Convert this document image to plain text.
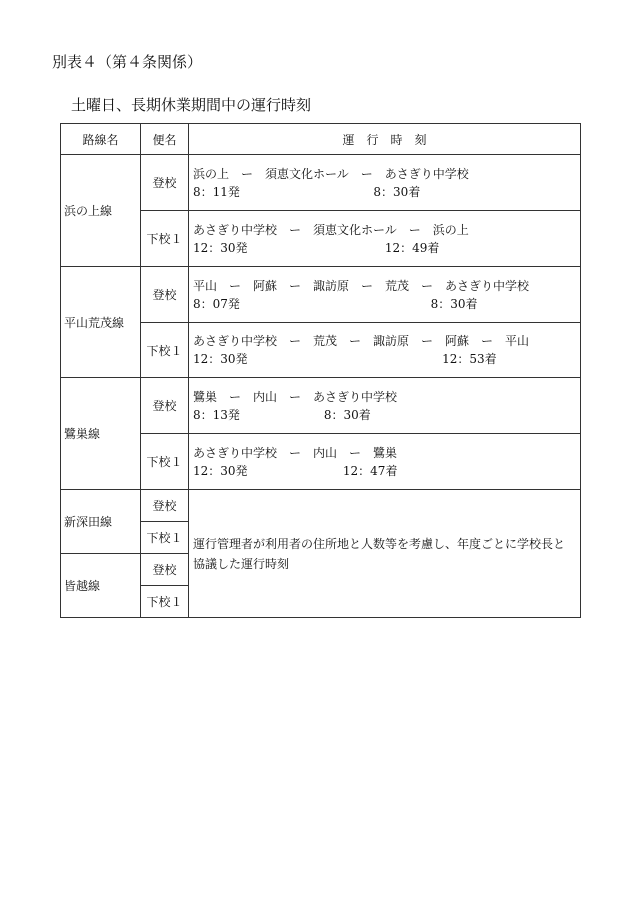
別表４（第４条関係）
土曜日、長期休業期間中の運行時刻
路線名	便名	運　行　時　刻
浜の上線	登校	浜の上　ー　須恵文化ホール　ー　あさぎり中学校
8：11発                                   8：30着

	下校１	あさぎり中学校　ー　須恵文化ホール　ー　浜の上
12：30発                                    12：49着

平山荒茂線	登校	平山　ー　阿蘇　ー　諏訪原　ー　荒茂　ー　あさぎり中学校
8：07発                                                  8：30着

	下校１	あさぎり中学校　ー　荒茂　ー　諏訪原　ー　阿蘇　ー　平山
12：30発                                                   12：53着

鷺巣線	登校	鷺巣　ー　内山　ー　あさぎり中学校
8：13発                      8：30着

	下校１	あさぎり中学校　ー　内山　ー　鷺巣
12：30発                         12：47着

新深田線	登校	運行管理者が利用者の住所地と人数等を考慮し、年度ごとに学校長と協議した運行時刻
	下校１	
皆越線	登校	
	下校１	
